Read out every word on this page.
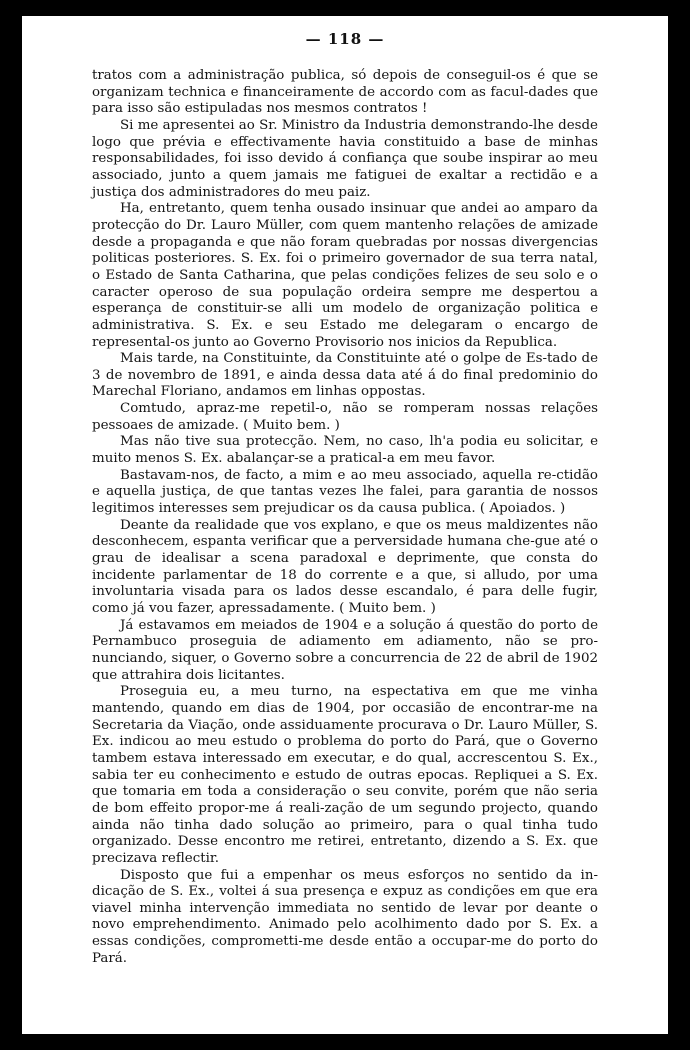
— 118 —

tratos com a administração publica, só depois de conseguil-os é que se organizam technica e financeiramente de accordo com as facul-dades que para isso são estipuladas nos mesmos contratos !

Si me apresentei ao Sr. Ministro da Industria demonstrando-lhe desde logo que prévia e effectivamente havia constituido a base de minhas responsabilidades, foi isso devido á confiança que soube inspirar ao meu associado, junto a quem jamais me fatiguei de exaltar a rectidão e a justiça dos administradores do meu paiz.

Ha, entretanto, quem tenha ousado insinuar que andei ao amparo da protecção do Dr. Lauro Müller, com quem mantenho relações de amizade desde a propaganda e que não foram quebradas por nossas divergencias politicas posteriores. S. Ex. foi o primeiro governador de sua terra natal, o Estado de Santa Catharina, que pelas condições felizes de seu solo e o caracter operoso de sua população ordeira sempre me despertou a esperança de constituir-se alli um modelo de organização politica e administrativa. S. Ex. e seu Estado me delegaram o encargo de represental-os junto ao Governo Provisorio nos inicios da Republica.

Mais tarde, na Constituinte, da Constituinte até o golpe de Es-tado de 3 de novembro de 1891, e ainda dessa data até á do final predominio do Marechal Floriano, andamos em linhas oppostas.

Comtudo, apraz-me repetil-o, não se romperam nossas relações pessoaes de amizade. ( Muito bem. )

Mas não tive sua protecção. Nem, no caso, lh'a podia eu solicitar, e muito menos S. Ex. abalançar-se a pratical-a em meu favor.

Bastavam-nos, de facto, a mim e ao meu associado, aquella re-ctidão e aquella justiça, de que tantas vezes lhe falei, para garantia de nossos legitimos interesses sem prejudicar os da causa publica. ( Apoiados. )

Deante da realidade que vos explano, e que os meus maldizentes não desconhecem, espanta verificar que a perversidade humana che-gue até o grau de idealisar a scena paradoxal e deprimente, que consta do incidente parlamentar de 18 do corrente e a que, si alludo, por uma involuntaria visada para os lados desse escandalo, é para delle fugir, como já vou fazer, apressadamente. ( Muito bem. )

Já estavamos em meiados de 1904 e a solução á questão do porto de Pernambuco proseguia de adiamento em adiamento, não se pro-nunciando, siquer, o Governo sobre a concurrencia de 22 de abril de 1902 que attrahira dois licitantes.

Proseguia eu, a meu turno, na espectativa em que me vinha mantendo, quando em dias de 1904, por occasião de encontrar-me na Secretaria da Viação, onde assiduamente procurava o Dr. Lauro Müller, S. Ex. indicou ao meu estudo o problema do porto do Pará, que o Governo tambem estava interessado em executar, e do qual, accrescentou S. Ex., sabia ter eu conhecimento e estudo de outras epocas. Repliquei a S. Ex. que tomaria em toda a consideração o seu convite, porém que não seria de bom effeito propor-me á reali-zação de um segundo projecto, quando ainda não tinha dado solução ao primeiro, para o qual tinha tudo organizado. Desse encontro me retirei, entretanto, dizendo a S. Ex. que precizava reflectir.

Disposto que fui a empenhar os meus esforços no sentido da in-dicação de S. Ex., voltei á sua presença e expuz as condições em que era viavel minha intervenção immediata no sentido de levar por deante o novo emprehendimento. Animado pelo acolhimento dado por S. Ex. a essas condições, comprometti-me desde então a occupar-me do porto do Pará.
